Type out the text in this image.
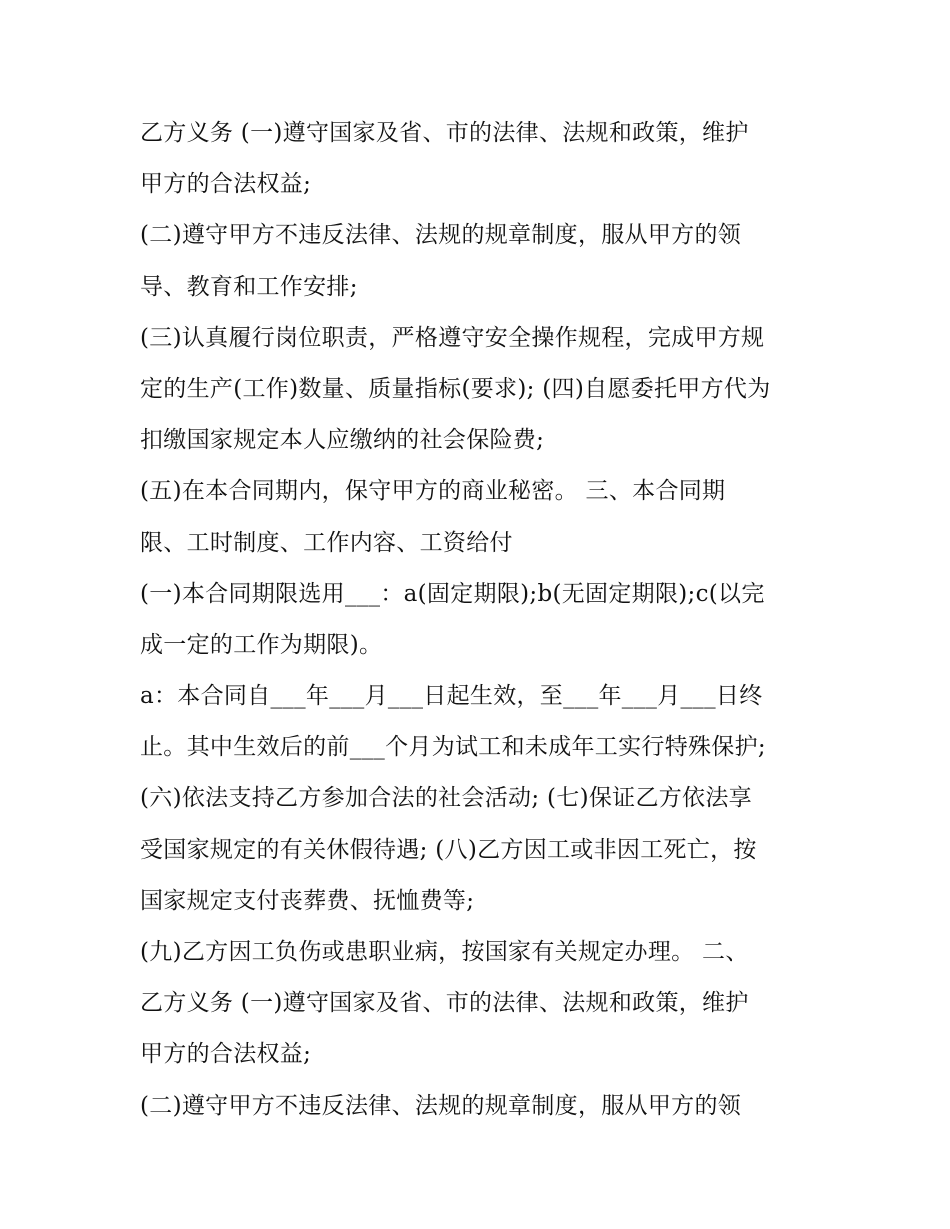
乙方义务 (一)遵守国家及省、市的法律、法规和政策，维护
甲方的合法权益;
(二)遵守甲方不违反法律、法规的规章制度，服从甲方的领
导、教育和工作安排;
(三)认真履行岗位职责，严格遵守安全操作规程，完成甲方规
定的生产(工作)数量、质量指标(要求); (四)自愿委托甲方代为
扣缴国家规定本人应缴纳的社会保险费;
(五)在本合同期内，保守甲方的商业秘密。 三、本合同期
限、工时制度、工作内容、工资给付
(一)本合同期限选用___：a(固定期限);b(无固定期限);c(以完
成一定的工作为期限)。
a：本合同自___年___月___日起生效，至___年___月___日终
止。其中生效后的前___个月为试工和未成年工实行特殊保护;
(六)依法支持乙方参加合法的社会活动; (七)保证乙方依法享
受国家规定的有关休假待遇; (八)乙方因工或非因工死亡，按
国家规定支付丧葬费、抚恤费等;
(九)乙方因工负伤或患职业病，按国家有关规定办理。 二、
乙方义务 (一)遵守国家及省、市的法律、法规和政策，维护
甲方的合法权益;
(二)遵守甲方不违反法律、法规的规章制度，服从甲方的领
